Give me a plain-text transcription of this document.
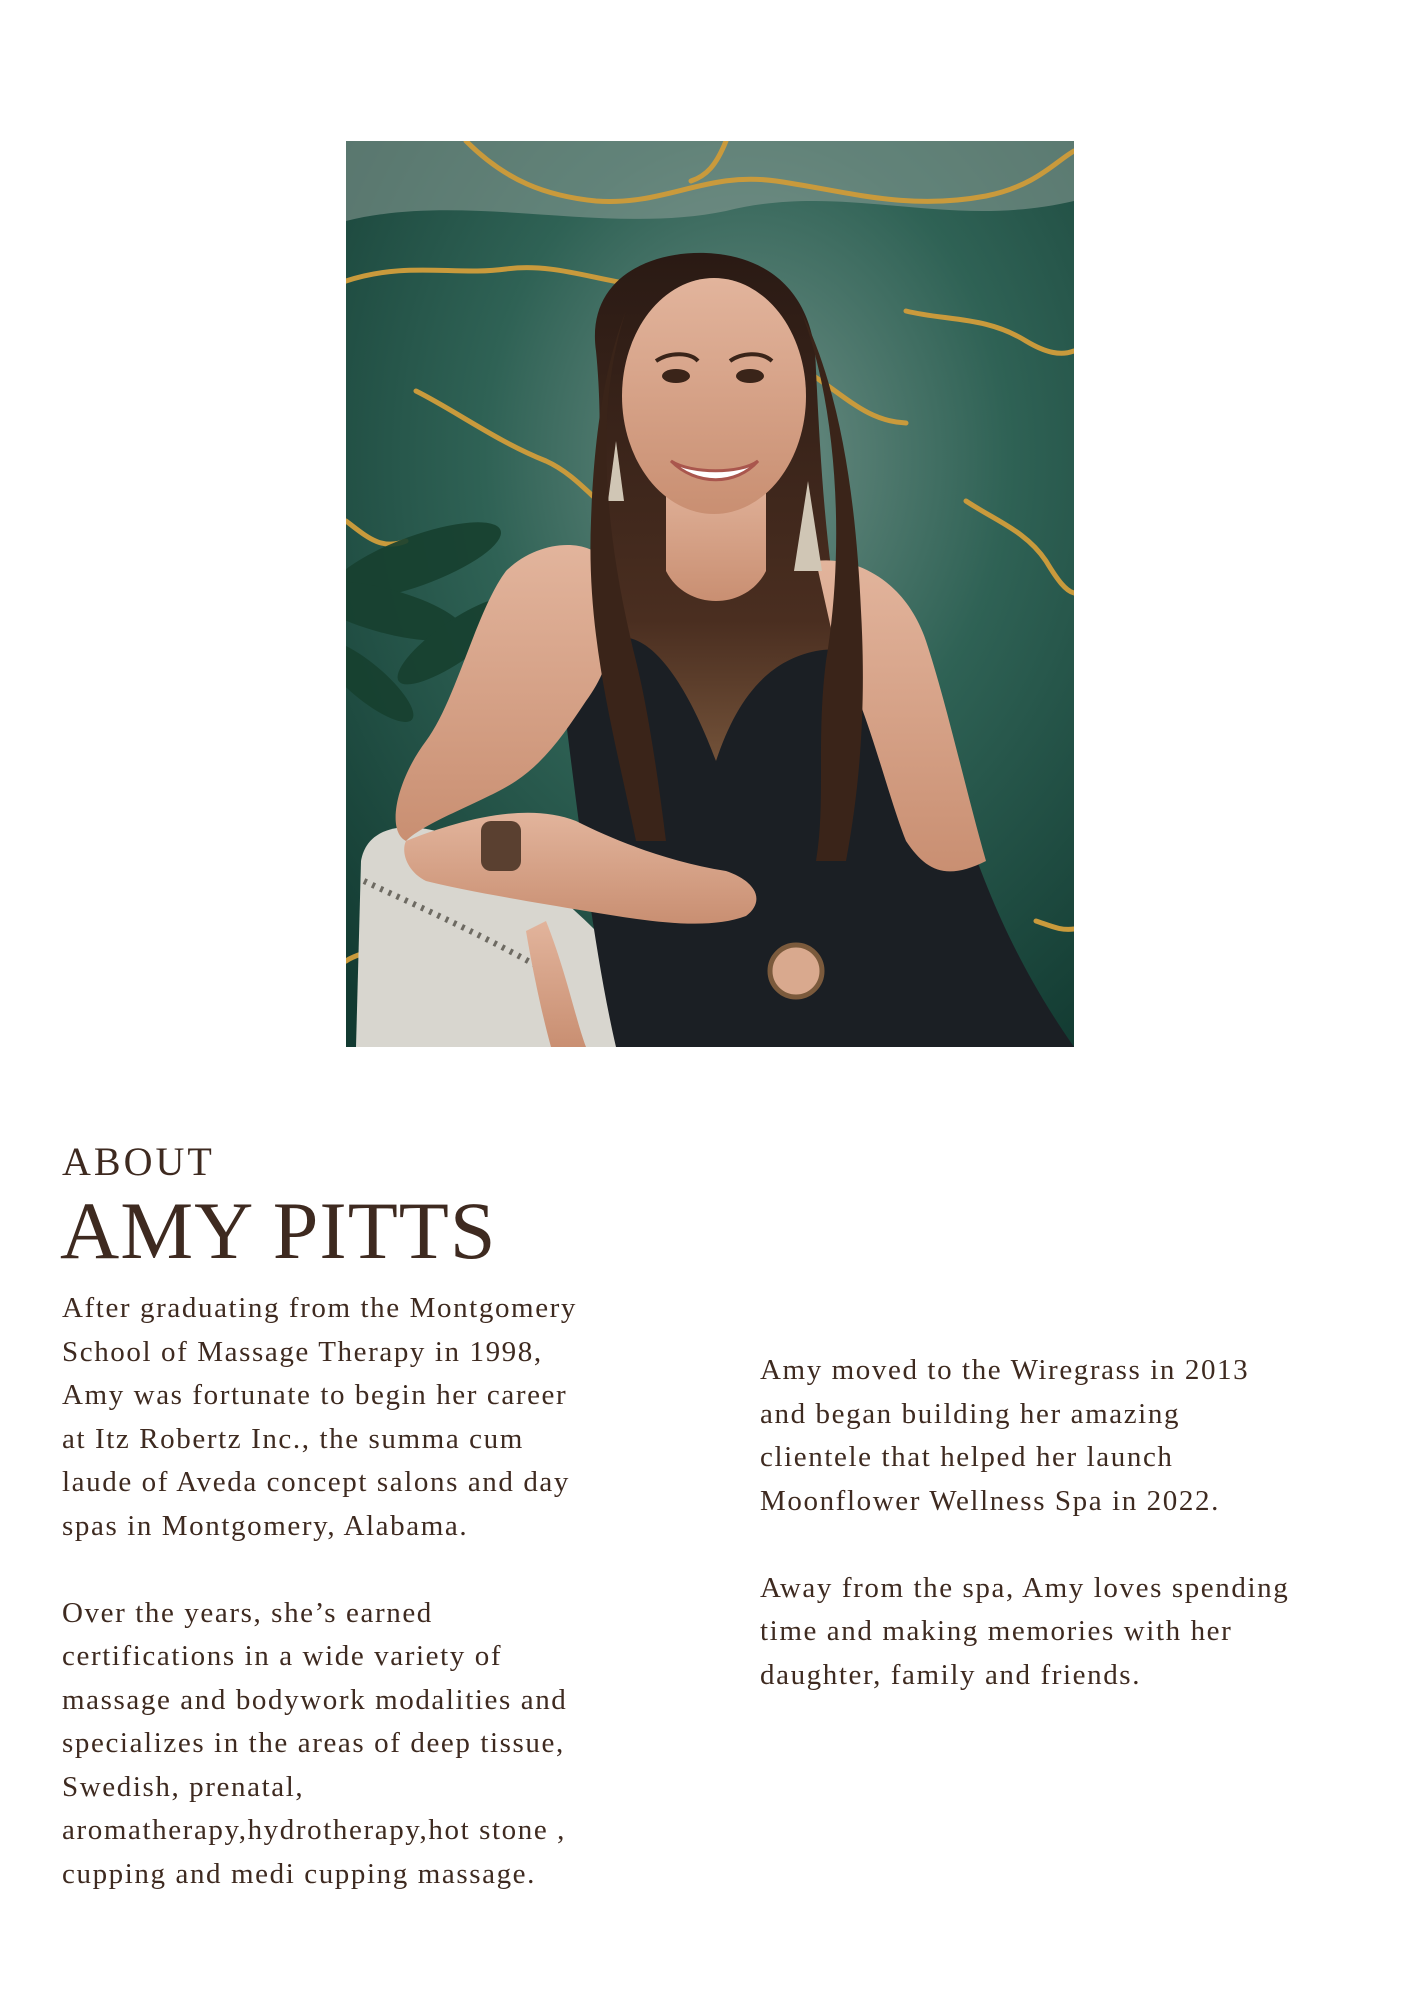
ABOUT
AMY PITTS

After graduating from the Montgomery School of Massage Therapy in 1998, Amy was fortunate to begin her career at Itz Robertz Inc., the summa cum laude of Aveda concept salons and day spas in Montgomery, Alabama.

Over the years, she’s earned certifications in a wide variety of massage and bodywork modalities and specializes in the areas of deep tissue, Swedish, prenatal, aromatherapy,hydrotherapy,hot stone , cupping and medi cupping massage.

Amy moved to the Wiregrass in 2013 and began building her amazing clientele that helped her launch Moonflower Wellness Spa in 2022.

Away from the spa, Amy loves spending time and making memories with her daughter, family and friends.
